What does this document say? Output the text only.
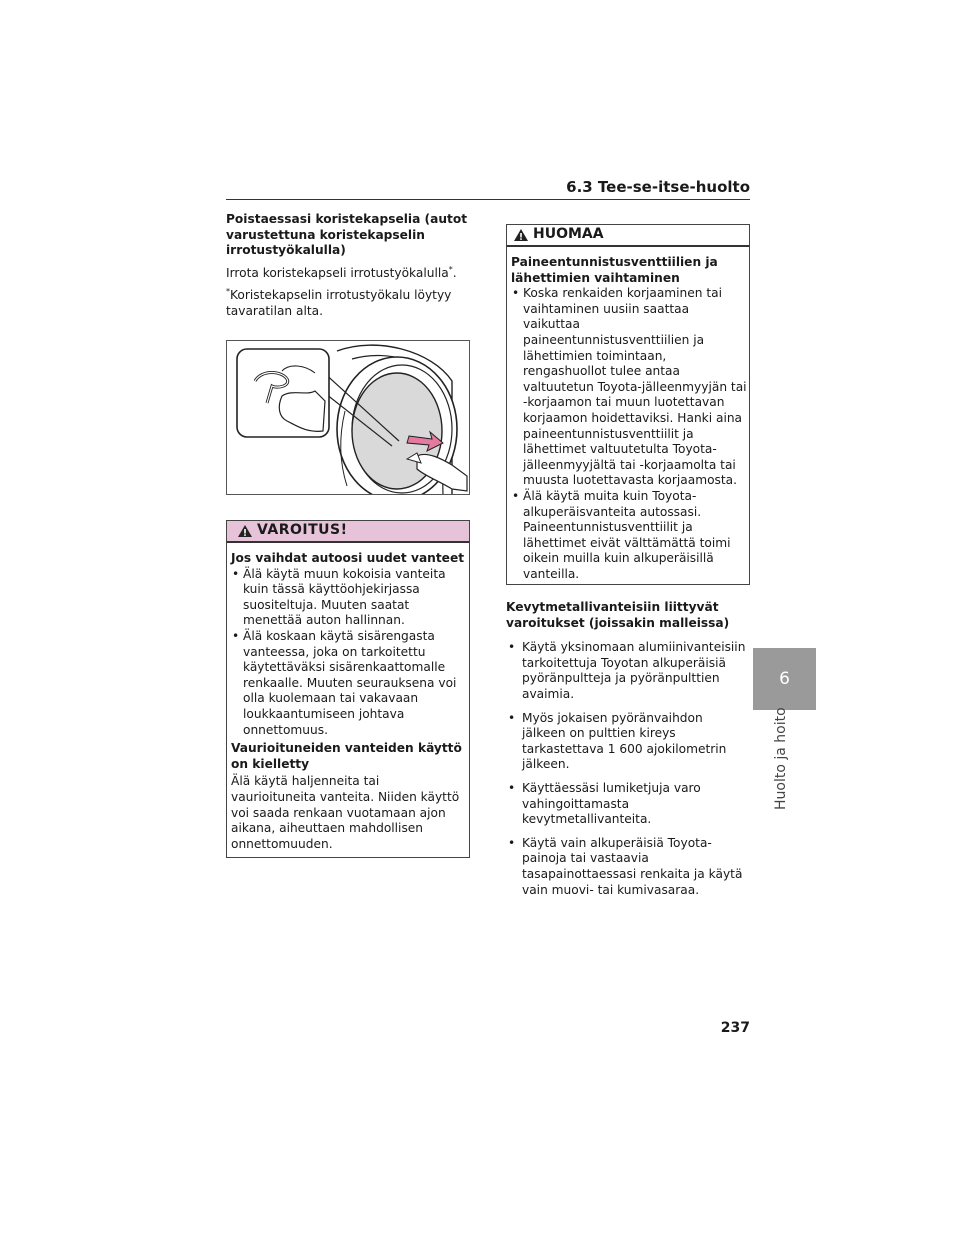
6.3 Tee-se-itse-huolto
6
Huolto ja hoito

Poistaessasi koristekapselia (autot varustettuna koristekapselin irrotustyökalulla)

Irrota koristekapseli irrotustyökalulla*.

*Koristekapselin irrotustyökalu löytyy tavaratilan alta.

VAROITUS!

Jos vaihdat autoosi uudet vanteet

• Älä käytä muun kokoisia vanteita kuin tässä käyttöohjekirjassa suositeltuja. Muuten saatat menettää auton hallinnan.
• Älä koskaan käytä sisärengasta vanteessa, joka on tarkoitettu käytettäväksi sisärenkaattomalle renkaalle. Muuten seurauksena voi olla kuolemaan tai vakavaan loukkaantumiseen johtava onnettomuus.

Vaurioituneiden vanteiden käyttö on kielletty

Älä käytä haljenneita tai vaurioituneita vanteita. Niiden käyttö voi saada renkaan vuotamaan ajon aikana, aiheuttaen mahdollisen onnettomuuden.

HUOMAA

Paineentunnistusventtiilien ja lähettimien vaihtaminen

• Koska renkaiden korjaaminen tai vaihtaminen uusiin saattaa vaikuttaa paineentunnistusventtiilien ja lähettimien toimintaan, rengashuollot tulee antaa valtuutetun Toyota-jälleenmyyjän tai -korjaamon tai muun luotettavan korjaamon hoidettaviksi. Hanki aina paineentunnistusventtiilit ja lähettimet valtuutetulta Toyota-jälleenmyyjältä tai -korjaamolta tai muusta luotettavasta korjaamosta.
• Älä käytä muita kuin Toyota-alkuperäisvanteita autossasi. Paineentunnistusventtiilit ja lähettimet eivät välttämättä toimi oikein muilla kuin alkuperäisillä vanteilla.

Kevytmetallivanteisiin liittyvät varoitukset (joissakin malleissa)

• Käytä yksinomaan alumiinivanteisiin tarkoitettuja Toyotan alkuperäisiä pyöränpultteja ja pyöränpulttien avaimia.
• Myös jokaisen pyöränvaihdon jälkeen on pulttien kireys tarkastettava 1 600 ajokilometrin jälkeen.
• Käyttäessäsi lumiketjuja varo vahingoittamasta kevytmetallivanteita.
• Käytä vain alkuperäisiä Toyota-painoja tai vastaavia tasapainottaessasi renkaita ja käytä vain muovi- tai kumivasaraa.
237
